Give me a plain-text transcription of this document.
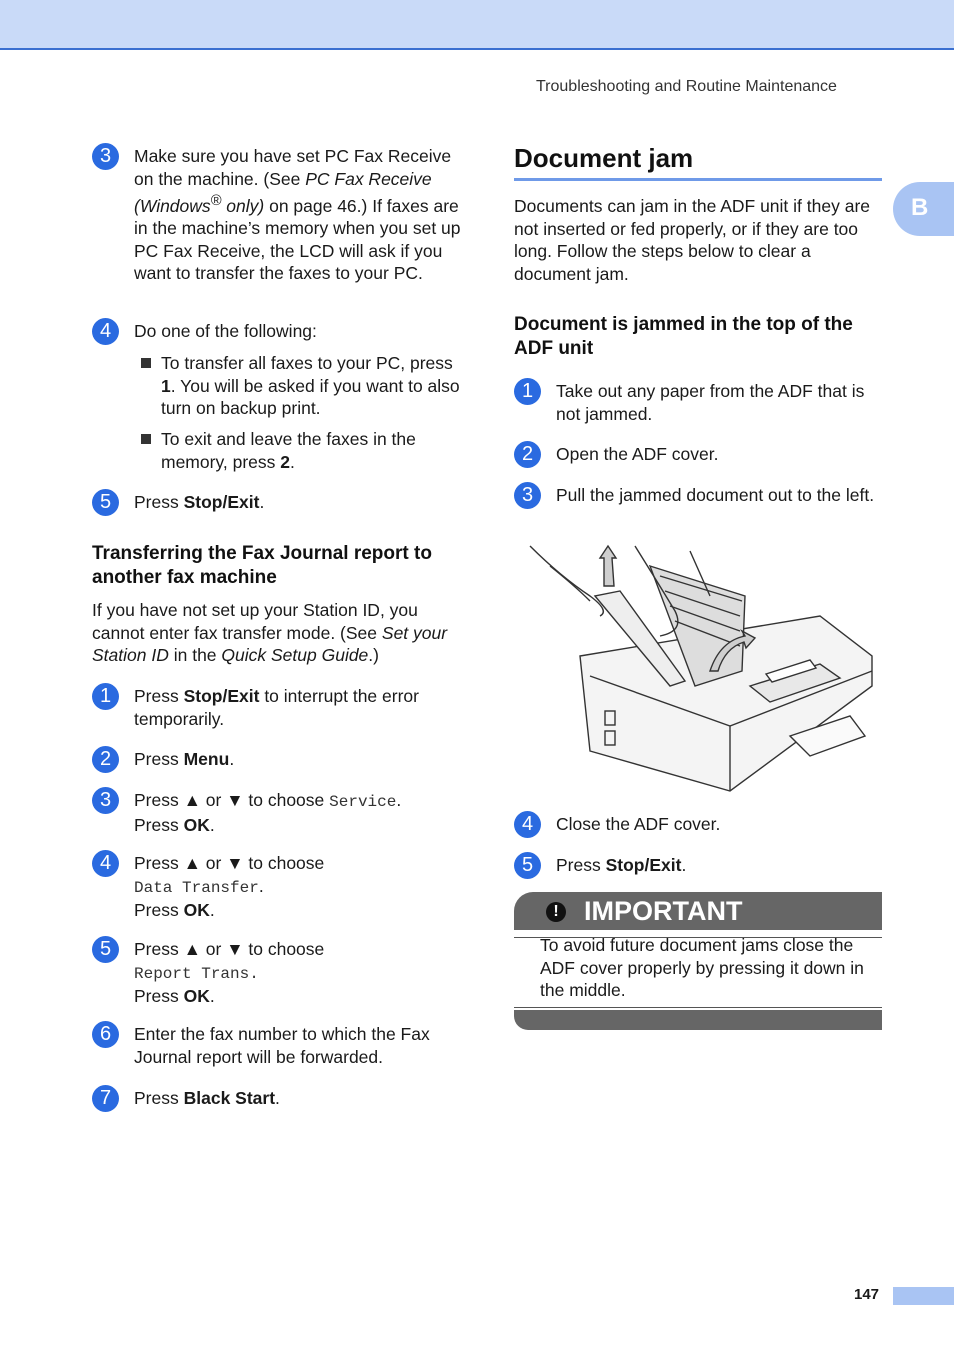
Troubleshooting and Routine Maintenance
B
3	Make sure you have set PC Fax Receive on the machine. (See PC Fax Receive (Windows® only) on page 46.) If faxes are in the machine’s memory when you set up PC Fax Receive, the LCD will ask if you want to transfer the faxes to your PC.
4	Do one of the following:
To transfer all faxes to your PC, press 1. You will be asked if you want to also turn on backup print.
To exit and leave the faxes in the memory, press 2.
5	Press Stop/Exit.
Transferring the Fax Journal report to another fax machine
If you have not set up your Station ID, you cannot enter fax transfer mode. (See Set your Station ID in the Quick Setup Guide.)
1	Press Stop/Exit to interrupt the error temporarily.
2	Press Menu.
3	Press ▲ or ▼ to choose Service.
Press OK.
4	Press ▲ or ▼ to choose
Data Transfer.
Press OK.
5	Press ▲ or ▼ to choose
Report Trans.
Press OK.
6	Enter the fax number to which the Fax Journal report will be forwarded.
7	Press Black Start.
Document jam
Documents can jam in the ADF unit if they are not inserted or fed properly, or if they are too long. Follow the steps below to clear a document jam.
Document is jammed in the top of the ADF unit
1	Take out any paper from the ADF that is not jammed.
2	Open the ADF cover.
3	Pull the jammed document out to the left.
4	Close the ADF cover.
5	Press Stop/Exit.
! IMPORTANT
To avoid future document jams close the ADF cover properly by pressing it down in the middle.
147
